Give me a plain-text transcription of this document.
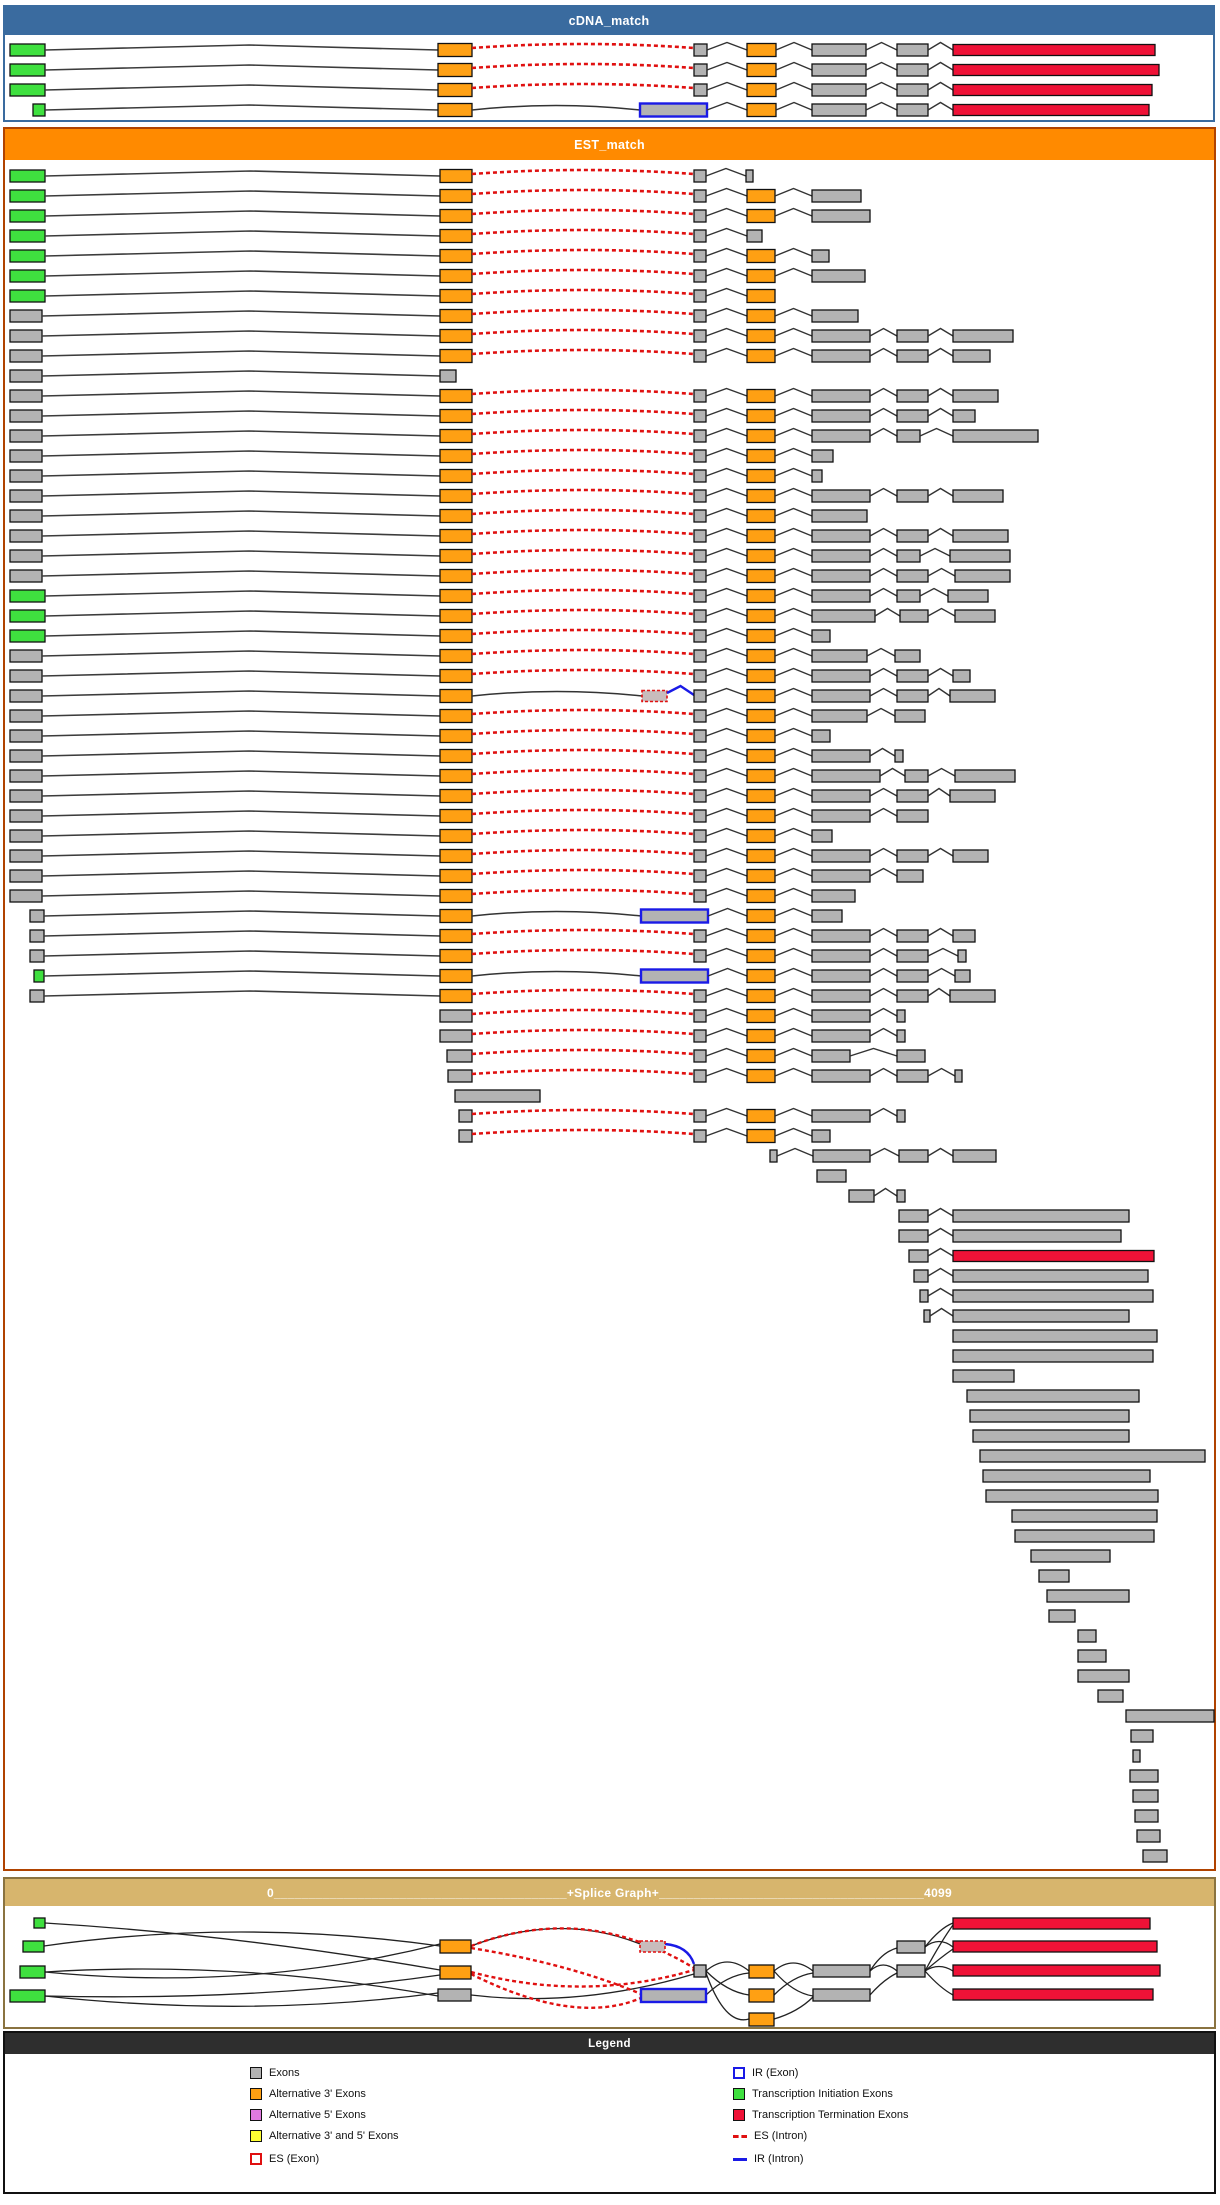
cDNA_match
EST_match
0__________________________________________+Splice Graph+______________________________________4099
Legend
Exons
Alternative 3' Exons
Alternative 5' Exons
Alternative 3' and 5' Exons
ES (Exon)
IR (Exon)
Transcription Initiation Exons
Transcription Termination Exons
ES (Intron)
IR (Intron)
